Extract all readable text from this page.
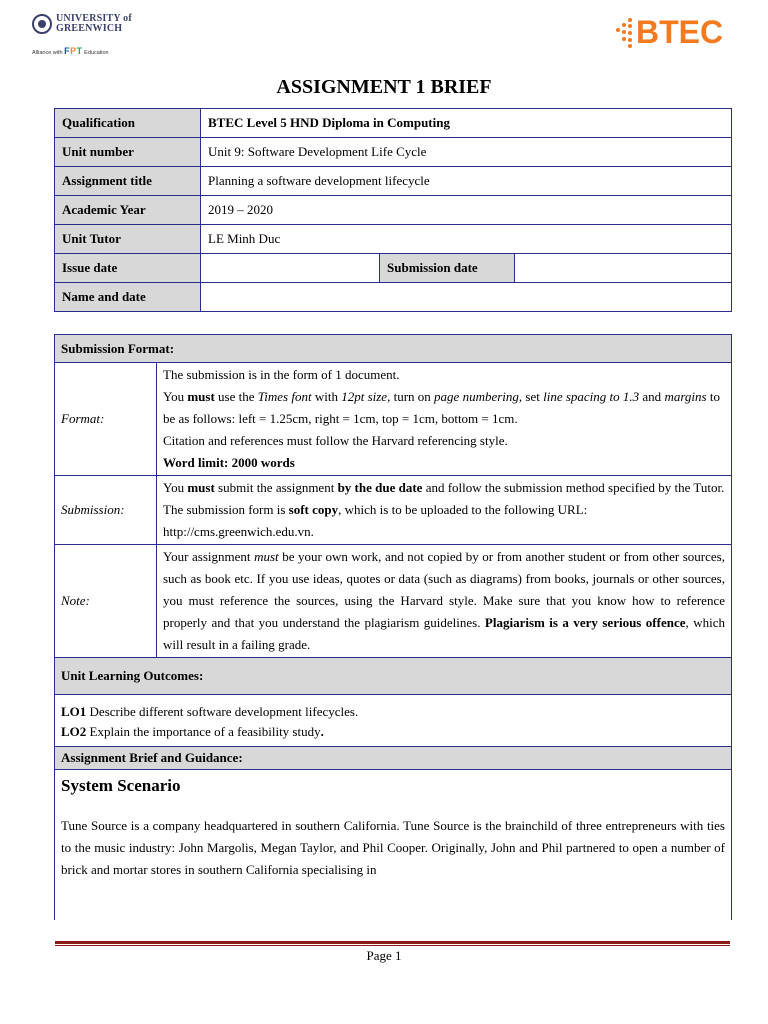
UNIVERSITY of
GREENWICH
Alliance with FPT Education
BTEC
ASSIGNMENT 1 BRIEF
Qualification	BTEC Level 5 HND Diploma in Computing		
Unit number	Unit 9: Software Development Life Cycle		
Assignment title	Planning a software development lifecycle		
Academic Year	2019 – 2020		
Unit Tutor	LE Minh Duc		
Issue date		Submission date	
Name and date			
Submission Format:	
Format:	The submission is in the form of 1 document.
You must use the Times font with 12pt size, turn on page numbering, set line spacing to 1.3 and margins to be as follows: left = 1.25cm, right = 1cm, top = 1cm, bottom = 1cm.
Citation and references must follow the Harvard referencing style.
Word limit: 2000 words

Submission:	You must submit the assignment by the due date and follow the submission method specified by the Tutor. The submission form is soft copy, which is to be uploaded to the following URL: http://cms.greenwich.edu.vn.
Note:	Your assignment must be your own work, and not copied by or from another student or from other sources, such as book etc. If you use ideas, quotes or data (such as diagrams) from books, journals or other sources, you must reference the sources, using the Harvard style. Make sure that you know how to reference properly and that you understand the plagiarism guidelines. Plagiarism is a very serious offence, which will result in a failing grade.
Unit Learning Outcomes:	

LO1 Describe different software development lifecycles.
LO2 Explain the importance of a feasibility study.	

Assignment Brief and Guidance:	

System Scenario
Tune Source is a company headquartered in southern California. Tune Source is the brainchild of three entrepreneurs with ties to the music industry: John Margolis, Megan Taylor, and Phil Cooper. Originally, John and Phil partnered to open a number of brick and mortar stores in southern California specialising in	
Page 1
